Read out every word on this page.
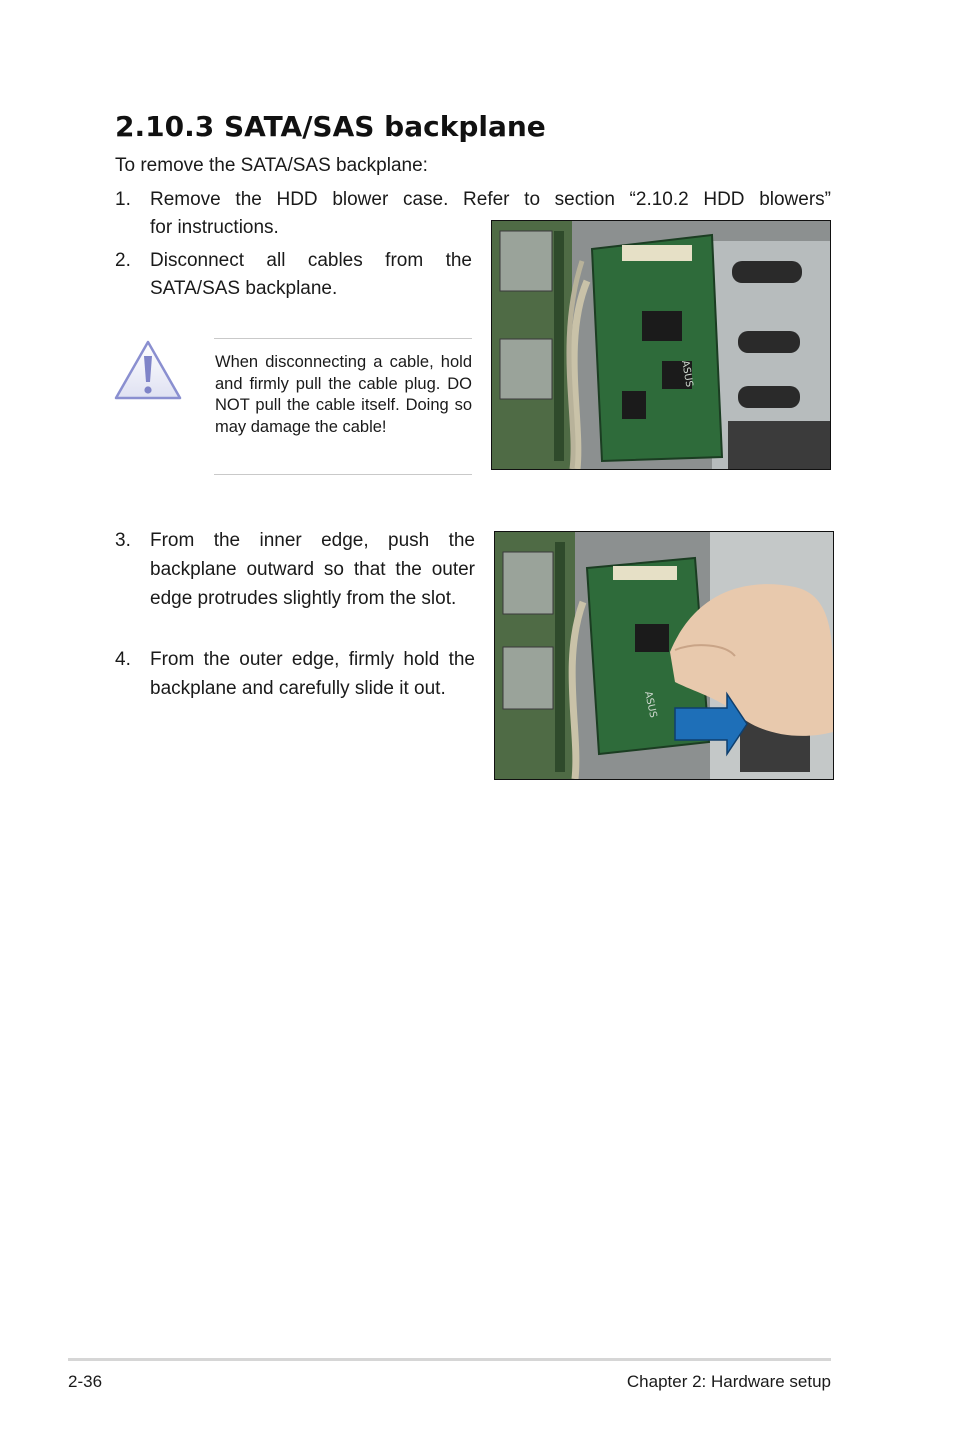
2.10.3 SATA/SAS backplane
To remove the SATA/SAS backplane:
1. Remove the HDD blower case. Refer to section “2.10.2 HDD blowers”
for instructions.
2. Disconnect all cables from the SATA/SAS backplane.
When disconnecting a cable, hold and firmly pull the cable plug. DO NOT pull the cable itself. Doing so may damage the cable!
ASUS
3. From the inner edge, push the backplane outward so that the outer edge protrudes slightly from the slot.
4. From the outer edge, firmly hold the backplane and carefully slide it out.
ASUS
2-36	Chapter 2: Hardware setup
